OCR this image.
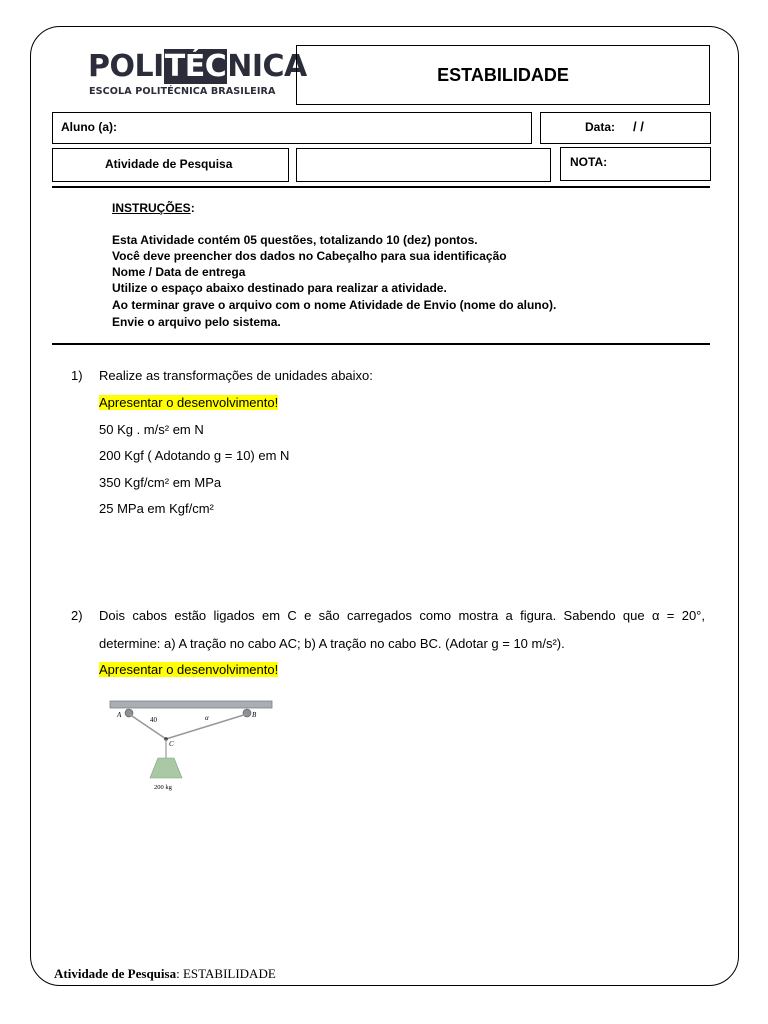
POLITÉCNICA
ESCOLA POLITÉCNICA BRASILEIRA
ESTABILIDADE
Aluno (a):	Data: / /
Atividade de Pesquisa	NOTA:
INSTRUÇÕES:
Esta Atividade contém 05 questões, totalizando 10 (dez) pontos.
Você deve preencher dos dados no Cabeçalho para sua identificação
Nome / Data de entrega
Utilize o espaço abaixo destinado para realizar a atividade.
Ao terminar grave o arquivo com o nome Atividade de Envio (nome do aluno).
Envie o arquivo pelo sistema.
1) Realize as transformações de unidades abaixo:
Apresentar o desenvolvimento!
50 Kg . m/s² em N
200 Kgf ( Adotando g = 10) em N
350 Kgf/cm² em MPa
25 MPa em Kgf/cm²
2) Dois cabos estão ligados em C e são carregados como mostra a figura. Sabendo que α = 20°,
determine: a) A tração no cabo AC; b) A tração no cabo BC. (Adotar g = 10 m/s²).
Apresentar o desenvolvimento!
A	B
C
40	α
200 kg
Atividade de Pesquisa: ESTABILIDADE
